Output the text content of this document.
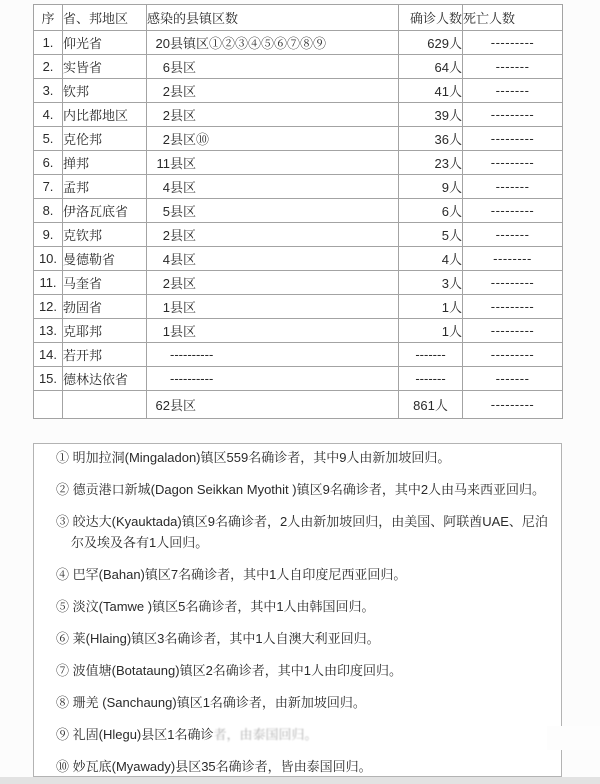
序	省、邦地区	感染的县镇区数	确诊人数	死亡人数
1.	仰光省	20县镇区①②③④⑤⑥⑦⑧⑨	629人	---------
2.	实皆省	6县区	64人	-------
3.	钦邦	2县区	41人	-------
4.	内比都地区	2县区	39人	---------
5.	克伦邦	2县区⑩	36人	---------
6.	掸邦	11县区	23人	---------
7.	孟邦	4县区	9人	-------
8.	伊洛瓦底省	5县区	6人	---------
9.	克钦邦	2县区	5人	-------
10.	曼德勒省	4县区	4人	--------
11.	马奎省	2县区	3人	---------
12.	勃固省	1县区	1人	---------
13.	克耶邦	1县区	1人	---------
14.	若开邦	----------	-------	---------
15.	德林达依省	----------	-------	-------
		62县区	861人	---------

① 明加拉洞(Mingaladon)镇区559名确诊者，其中9人由新加坡回归。

② 德贡港口新城(Dagon Seikkan Myothit )镇区9名确诊者，其中2人由马来西亚回归。

③ 皎达大(Kyauktada)镇区9名确诊者，2人由新加坡回归，由美国、阿联酋UAE、尼泊尔及埃及各有1人回归。

④ 巴罕(Bahan)镇区7名确诊者，其中1人自印度尼西亚回归。

⑤ 淡汶(Tamwe )镇区5名确诊者，其中1人由韩国回归。

⑥ 莱(Hlaing)镇区3名确诊者，其中1人自澳大利亚回归。

⑦ 波值塘(Botataung)镇区2名确诊者，其中1人由印度回归。

⑧ 珊羌 (Sanchaung)镇区1名确诊者，由新加坡回归。

⑨ 礼固(Hlegu)县区1名确诊者，由泰国回归。

⑩ 妙瓦底(Myawady)县区35名确诊者，皆由泰国回归。
